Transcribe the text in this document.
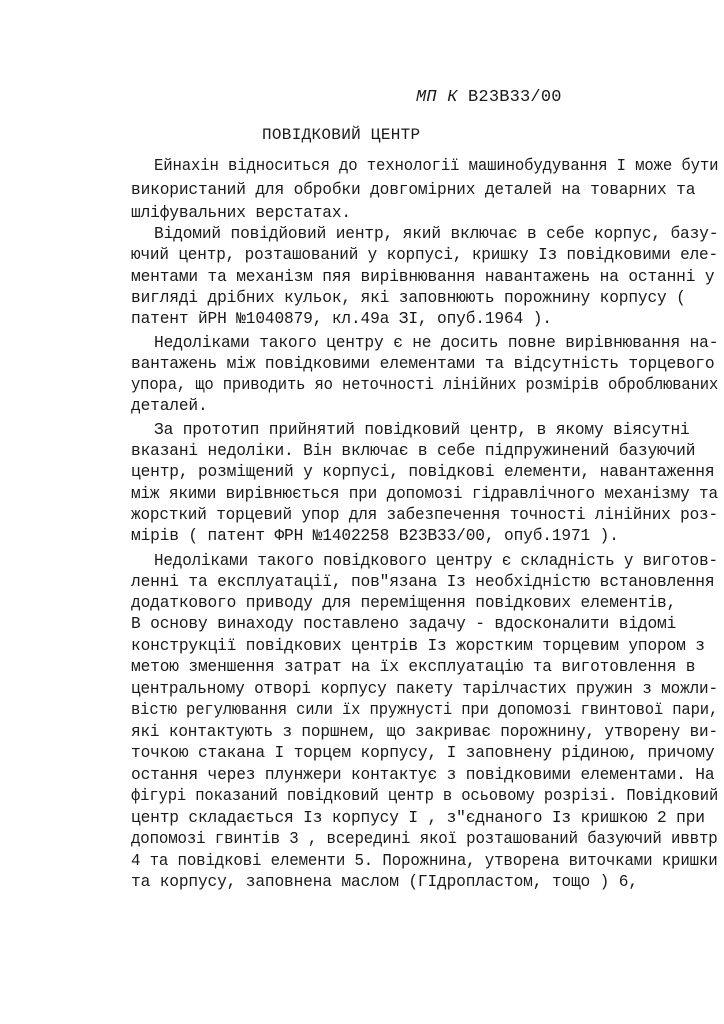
МП К B23B33/00
ПОВІДКОВИЙ ЦЕНТР
Ейнахін відноситься до технології машинобудування І може бути
використаний для обробки довгомірних деталей на товарних та
шліфувальних верстатах.
Відомий повідйовий иентр, який включає в себе корпус, базу-
ючий центр, розташований у корпусі, кришку Із повідковими еле-
ментами та механізм пяя вирівнювання навантажень на останні у
вигляді дрібних кульок, які заповнюють порожнину корпусу (
патент йРН №1040879, кл.49а ЗІ, опуб.1964 ).
Недоліками такого центру є не досить повне вирівнювання на-
вантажень між повідковими елементами та відсутність торцевого
упора, що приводить яо неточності лінійних розмірів оброблюваних
деталей.
За прототип прийнятий повідковий центр, в якому віясутні
вказані недоліки. Він включає в себе підпружинений базуючий
центр, розміщений у корпусі, повідкові елементи, навантаження
між якими вирівнюється при допомозі гідравлічного механізму та
жорсткий торцевий упор для забезпечення точності лінійних роз-
мірів ( патент ФРН №1402258 B23B33/00, опуб.1971 ).
Недоліками такого повідкового центру є складність у виготов-
ленні та експлуатації, пов"язана Із необхідністю встановлення
додаткового приводу для переміщення повідкових елементів,
В основу винаходу поставлено задачу - вдосконалити відомі
конструкції повідкових центрів Із жорстким торцевим упором з
метою зменшення затрат на їх експлуатацію та виготовлення в
центральному отворі корпусу пакету тарілчастих пружин з можли-
вістю регулювання сили їх пружнусті при допомозі гвинтової пари,
які контактують з поршнем, що закриває порожнину, утворену ви-
точкою стакана І торцем корпусу, І заповнену рідиною, причому
остання через плунжери контактує з повідковими елементами. На
фігурі показаний повідковий центр в осьовому розрізі. Повідковий
центр складається Із корпусу І , з"єднаного Із кришкою 2 при
допомозі гвинтів 3 , всередині якої розташований базуючий иввтр
4 та повідкові елементи 5. Порожнина, утворена виточками кришки
та корпусу, заповнена маслом (ГІдропластом, тощо ) 6,
